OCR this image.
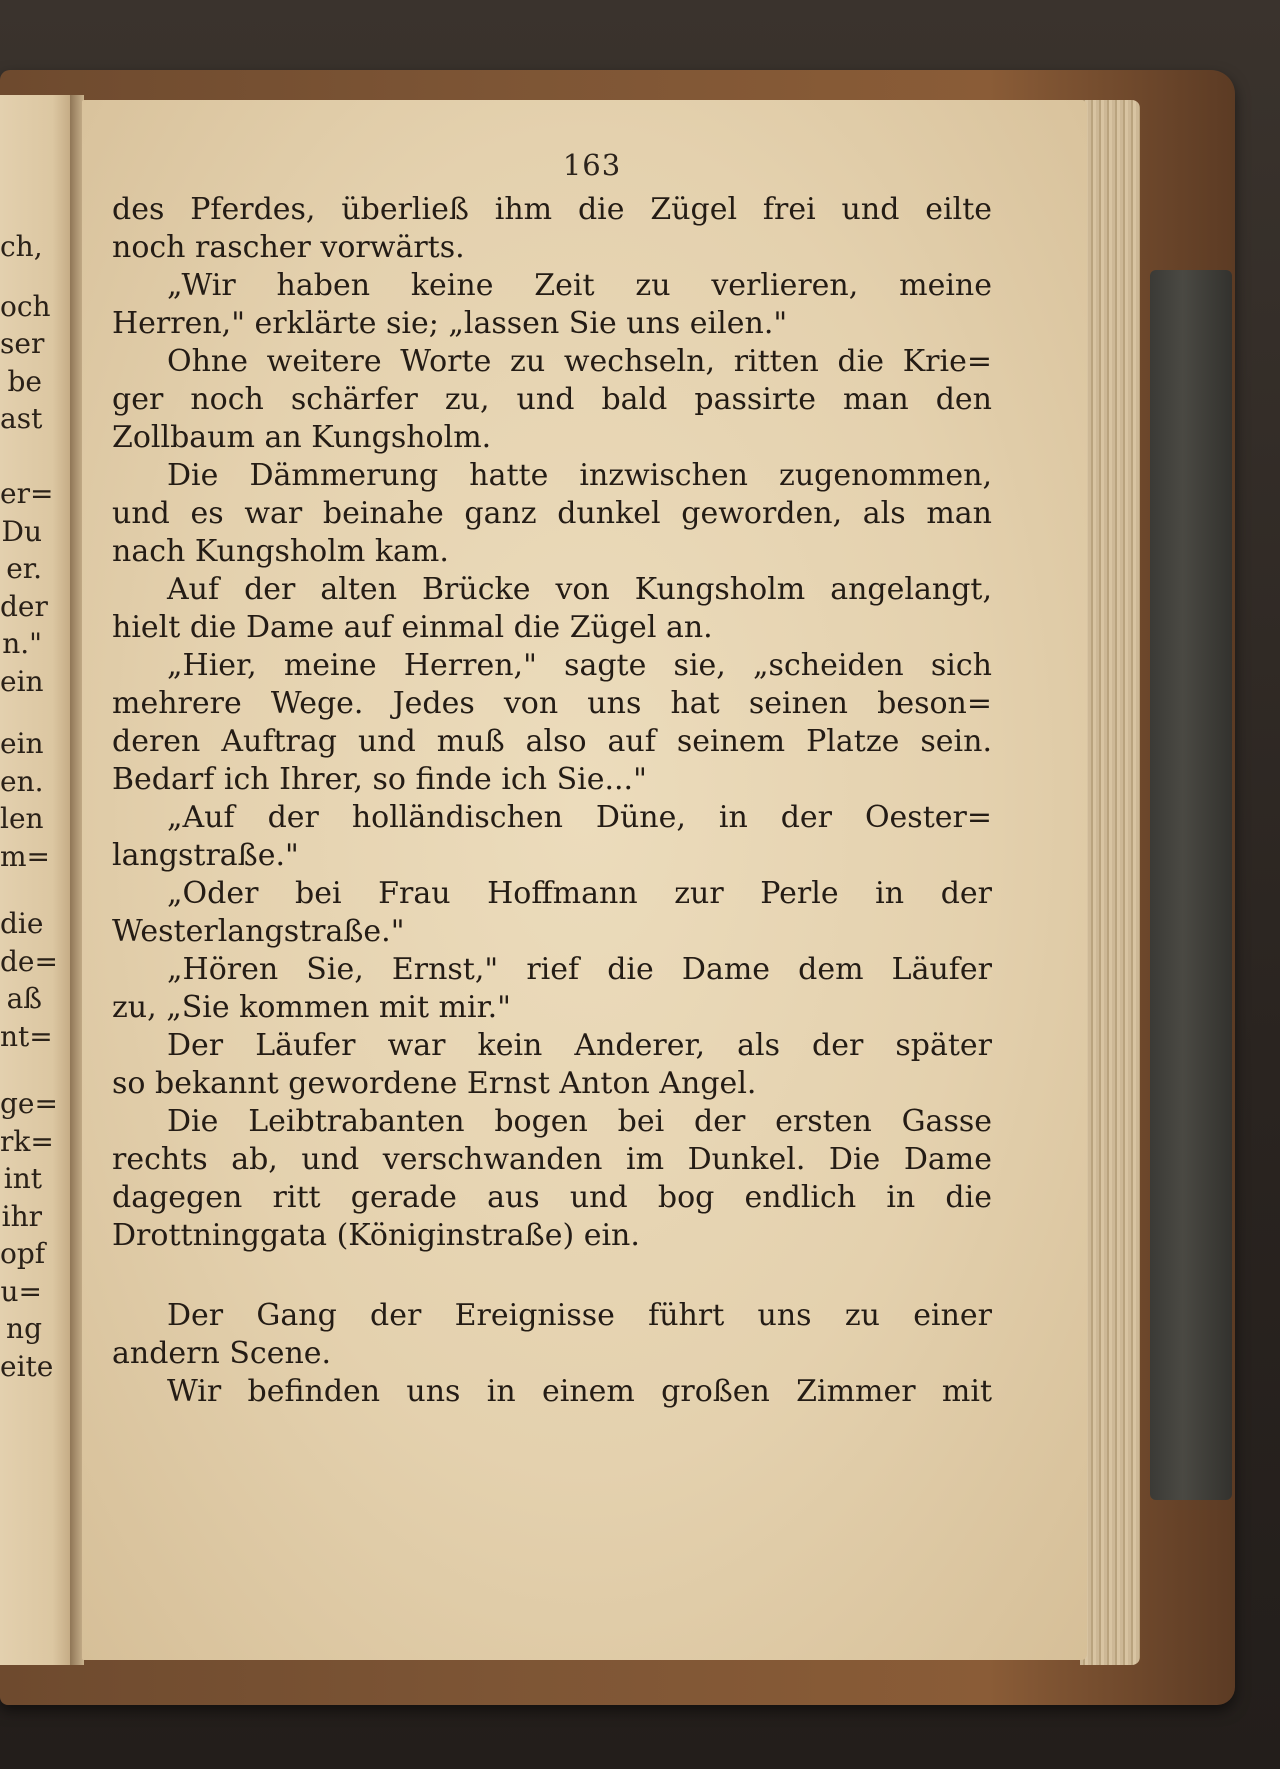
ch,
och
ser
be
ast
er=
Du
er.
der
n."
ein
ein
en.
len
m=
die
de=
aß
nt=
ge=
rk=
int
ihr
opf
u=
ng
eite
163
des Pferdes, überließ ihm die Zügel frei und eilte
noch rascher vorwärts.
„Wir haben keine Zeit zu verlieren, meine
Herren," erklärte sie; „lassen Sie uns eilen."
Ohne weitere Worte zu wechseln, ritten die Krie=
ger noch schärfer zu, und bald passirte man den
Zollbaum an Kungsholm.
Die Dämmerung hatte inzwischen zugenommen,
und es war beinahe ganz dunkel geworden, als man
nach Kungsholm kam.
Auf der alten Brücke von Kungsholm angelangt,
hielt die Dame auf einmal die Zügel an.
„Hier, meine Herren," sagte sie, „scheiden sich
mehrere Wege. Jedes von uns hat seinen beson=
deren Auftrag und muß also auf seinem Platze sein.
Bedarf ich Ihrer, so finde ich Sie..."
„Auf der holländischen Düne, in der Oester=
langstraße."
„Oder bei Frau Hoffmann zur Perle in der
Westerlangstraße."
„Hören Sie, Ernst," rief die Dame dem Läufer
zu, „Sie kommen mit mir."
Der Läufer war kein Anderer, als der später
so bekannt gewordene Ernst Anton Angel.
Die Leibtrabanten bogen bei der ersten Gasse
rechts ab, und verschwanden im Dunkel. Die Dame
dagegen ritt gerade aus und bog endlich in die
Drottninggata (Königinstraße) ein.
Der Gang der Ereignisse führt uns zu einer
andern Scene.
Wir befinden uns in einem großen Zimmer mit
